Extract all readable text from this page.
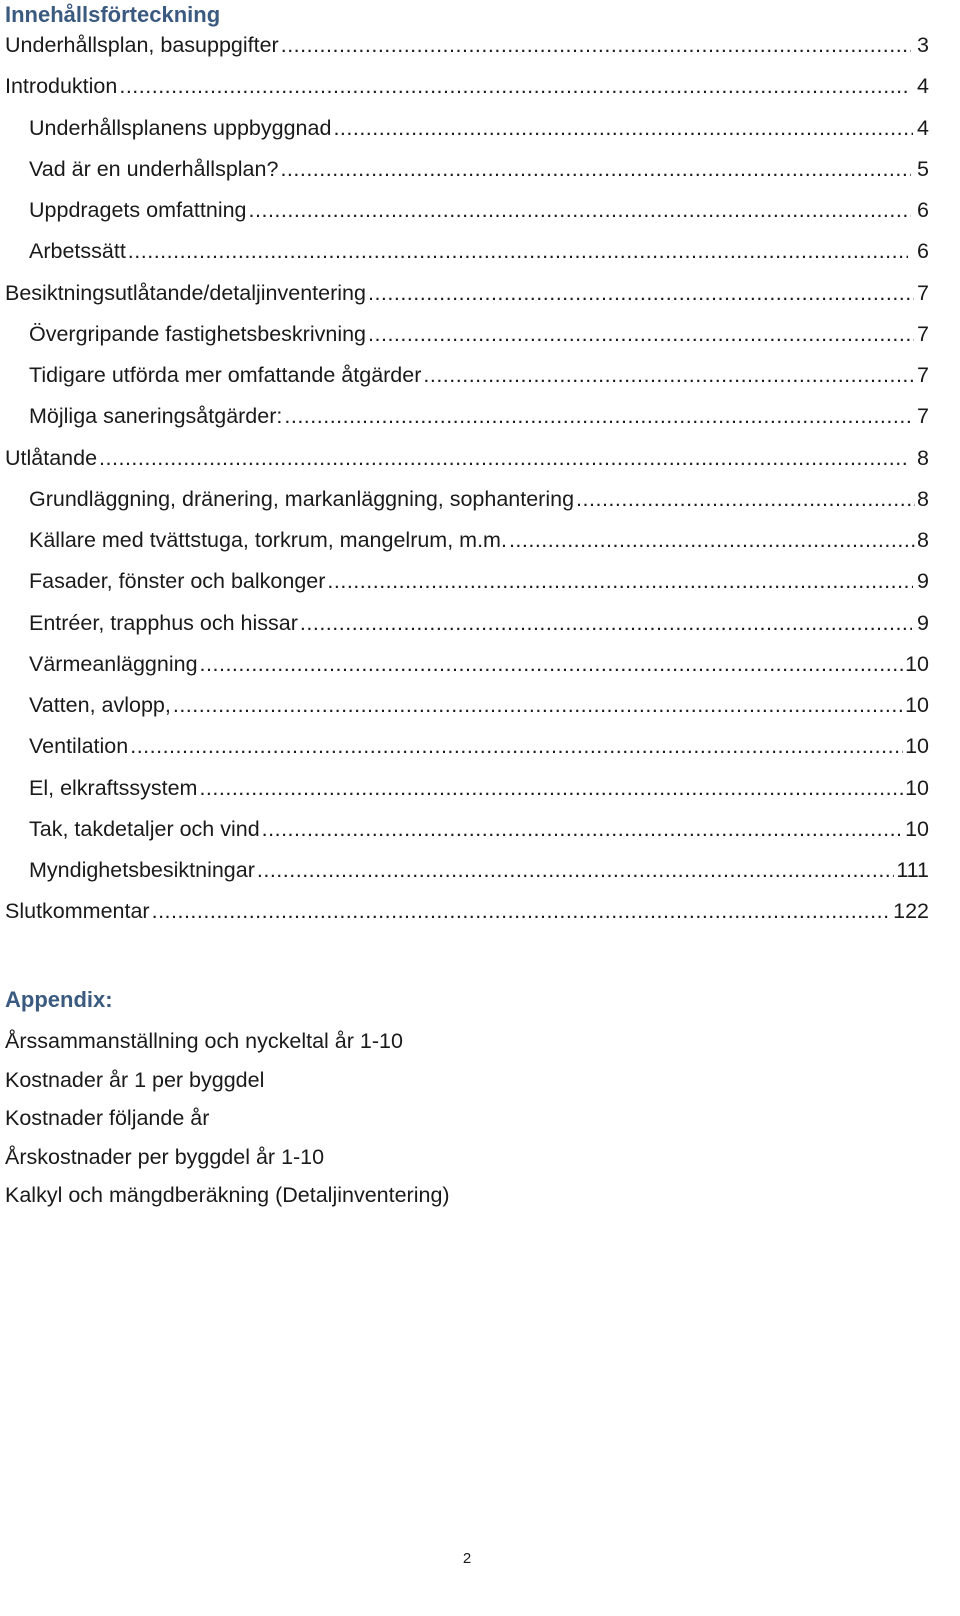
Innehållsförteckning
Underhållsplan, basuppgifter .....	3
Introduktion .....	4
Underhållsplanens uppbyggnad .....	4
Vad är en underhållsplan? .....	5
Uppdragets omfattning .....	6
Arbetssätt .....	6
Besiktningsutlåtande/detaljinventering .....	7
Övergripande fastighetsbeskrivning .....	7
Tidigare utförda mer omfattande åtgärder .....	7
Möjliga saneringsåtgärder: .....	7
Utlåtande .....	8
Grundläggning, dränering, markanläggning, sophantering .....	8
Källare med tvättstuga, torkrum, mangelrum, m.m. .....	8
Fasader, fönster och balkonger .....	9
Entréer, trapphus och hissar .....	9
Värmeanläggning .....	10
Vatten, avlopp, .....	10
Ventilation .....	10
El, elkraftssystem .....	10
Tak, takdetaljer och vind .....	10
Myndighetsbesiktningar .....	111
Slutkommentar .....	122
Appendix:
Årssammanställning och nyckeltal år 1-10
Kostnader år 1 per byggdel
Kostnader följande år
Årskostnader per byggdel år 1-10
Kalkyl och mängdberäkning (Detaljinventering)
2
